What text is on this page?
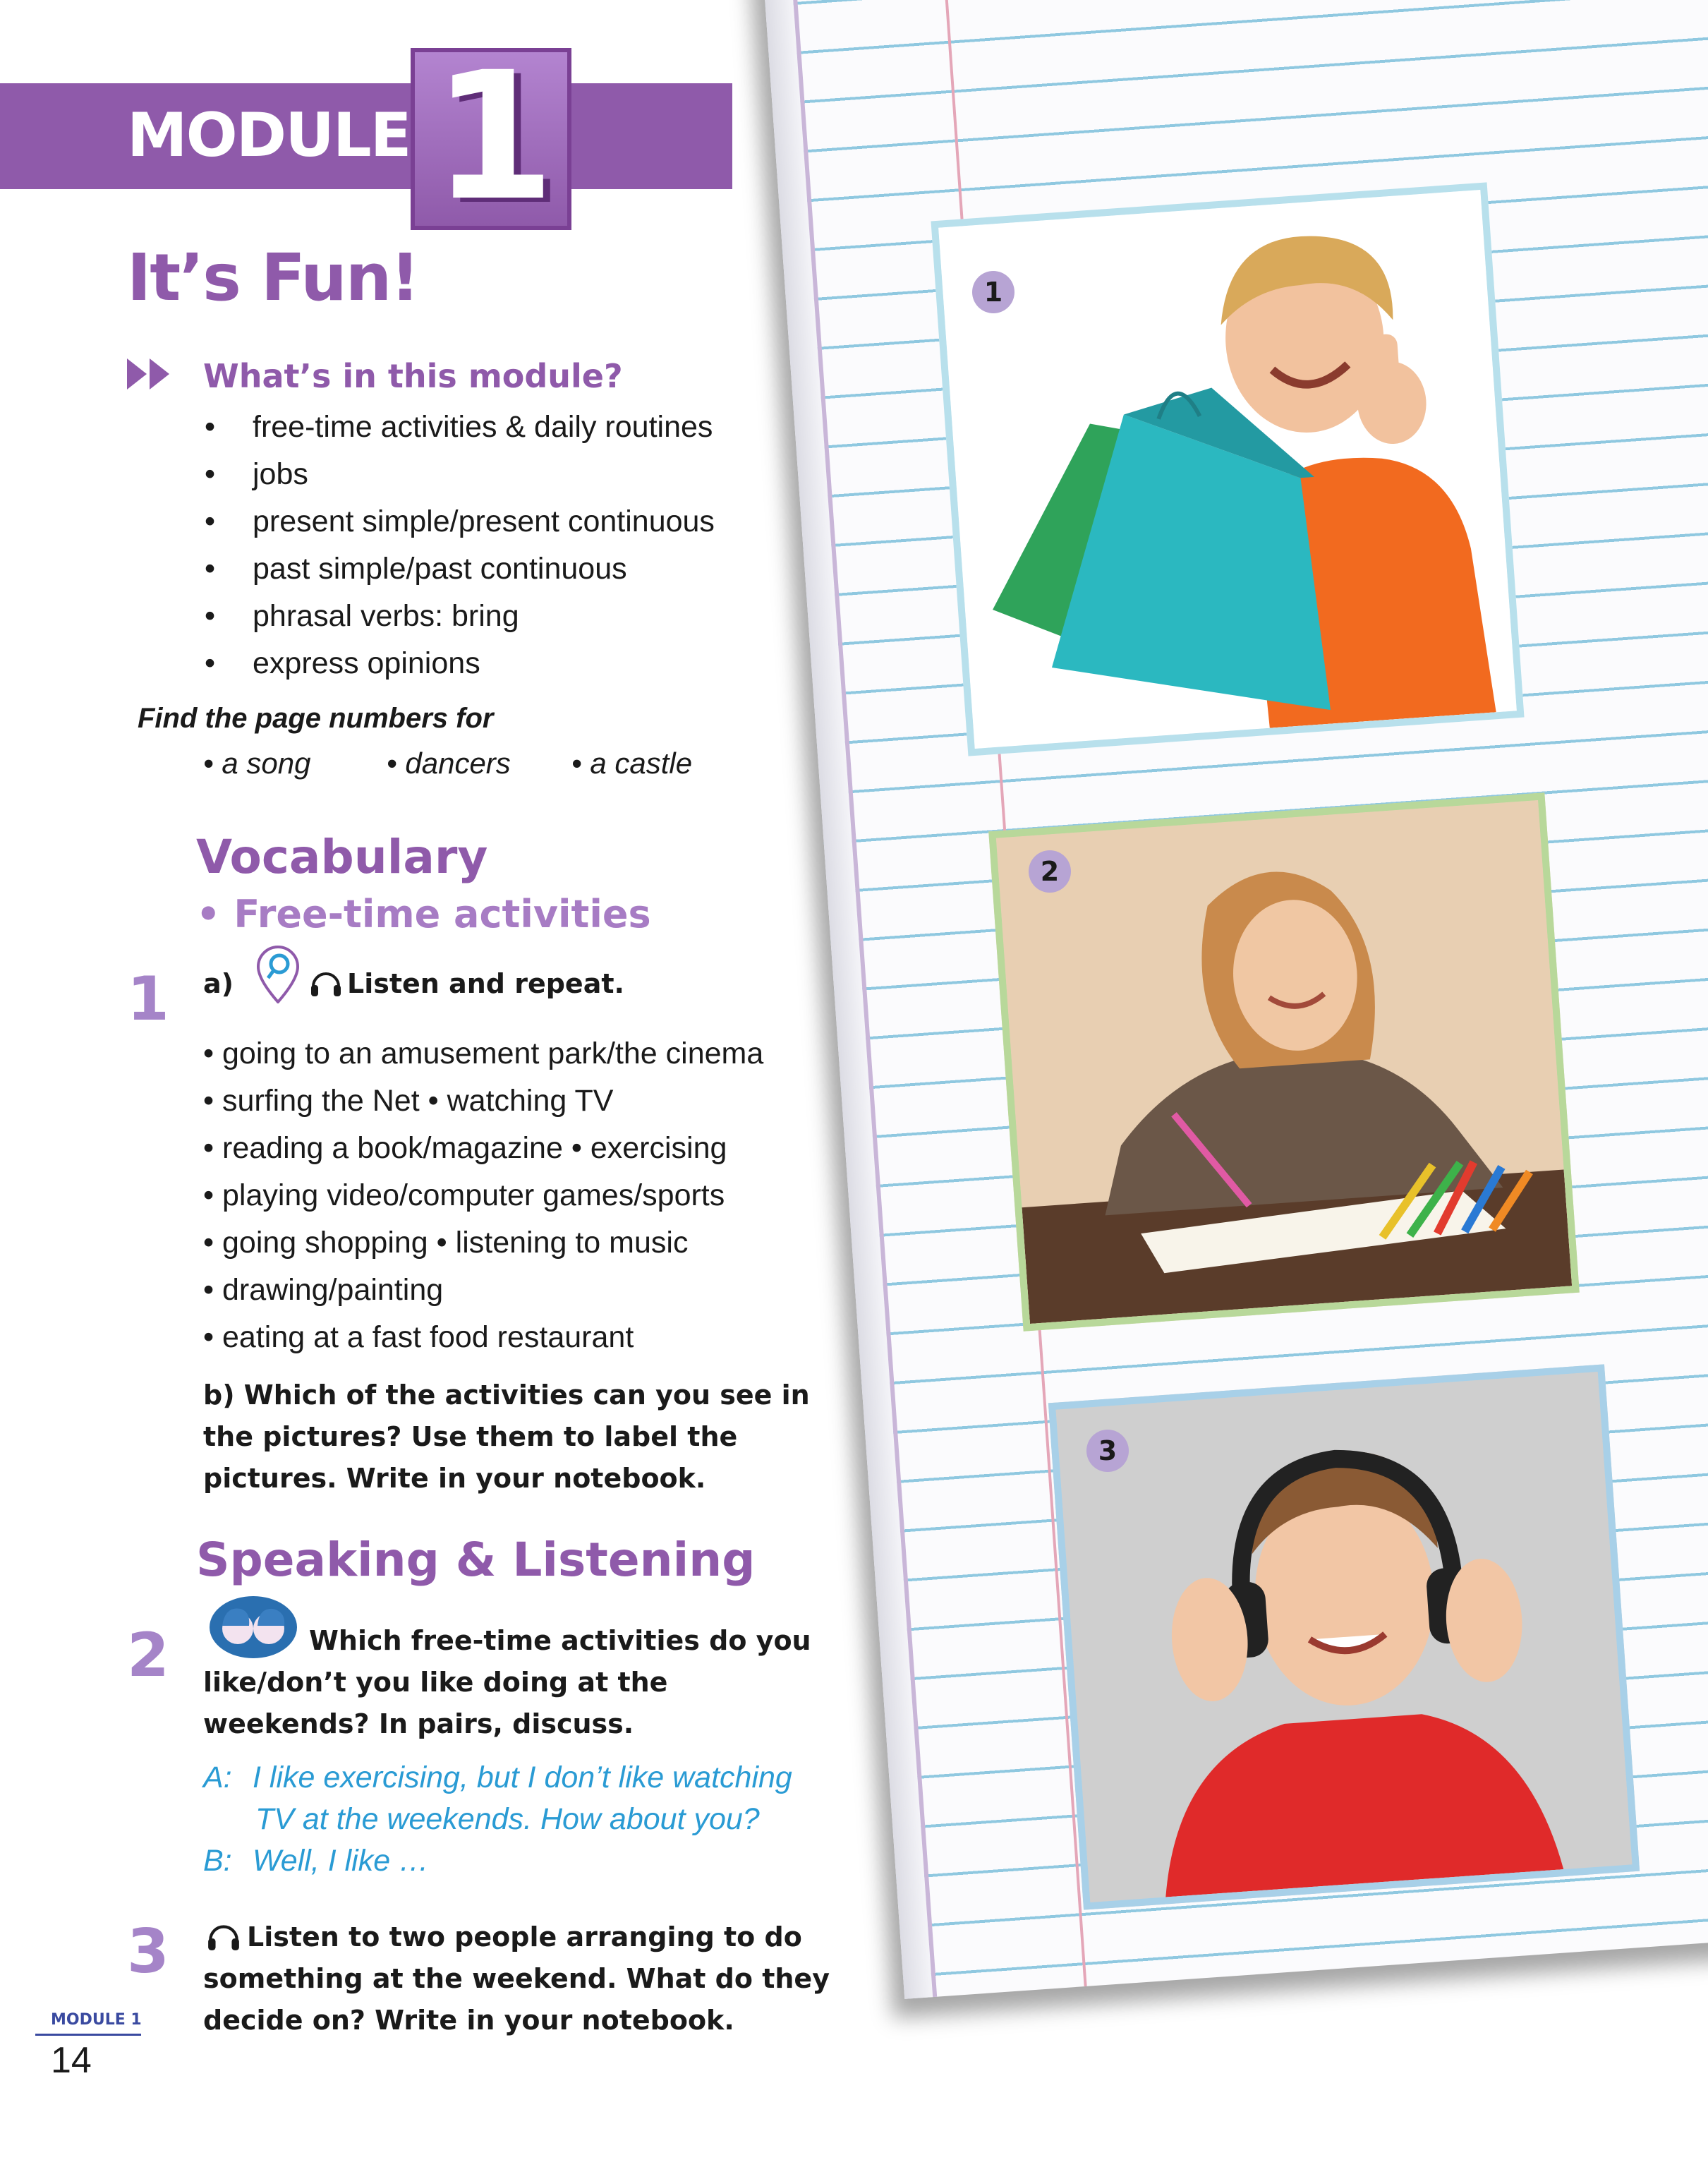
1
2
3
MODULE 1
It’s Fun!
What’s in this module?
• free-time activities & daily routines
• jobs
• present simple/present continuous
• past simple/past continuous
• phrasal verbs: bring
• express opinions
Find the page numbers for
• a song	• dancers • a castle
Vocabulary
• Free-time activities
1 a)	Listen and repeat.
• going to an amusement park/the cinema
• surfing the Net • watching TV
• reading a book/magazine • exercising
• playing video/computer games/sports
• going shopping • listening to music
• drawing/painting
• eating at a fast food restaurant
b) Which of the activities can you see in the pictures? Use them to label the pictures. Write in your notebook.
Speaking & Listening
2	Which free-time activities do you like/don’t you like doing at the weekends? In pairs, discuss.
A: I like exercising, but I don’t like watching
TV at the weekends. How about you?
B: Well, I like …
3	Listen to two people arranging to do something at the weekend. What do they decide on? Write in your notebook.
MODULE 1
14
